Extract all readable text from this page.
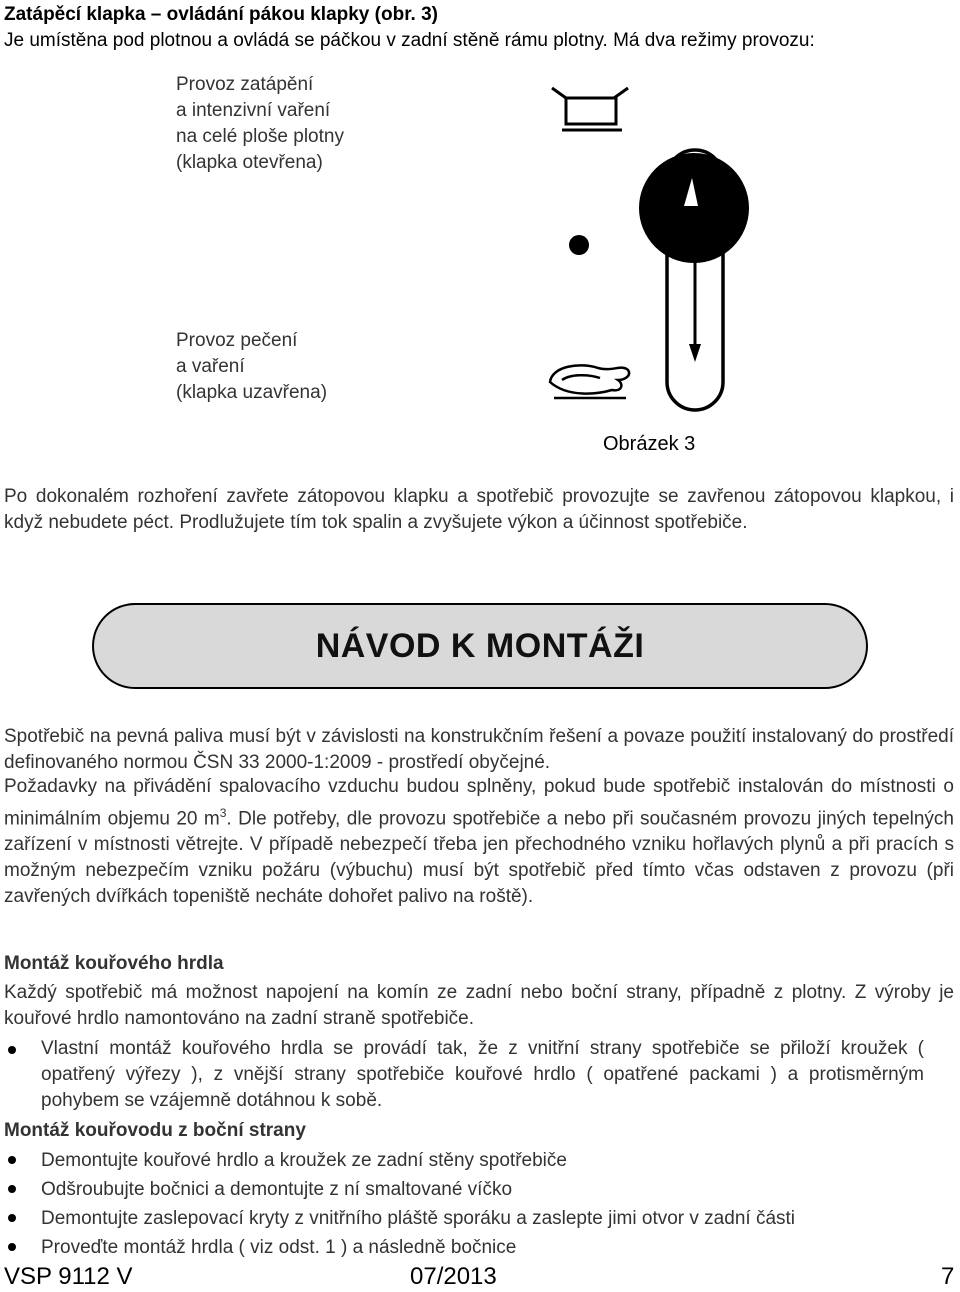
Zatápěcí klapka – ovládání pákou klapky (obr. 3)
Je umístěna pod plotnou a ovládá se páčkou v zadní stěně rámu plotny. Má dva režimy provozu:
Provoz zatápění
a intenzivní vaření
na celé ploše plotny
(klapka otevřena)
Provoz pečení
a vaření
(klapka uzavřena)
Obrázek 3
Po dokonalém rozhoření zavřete zátopovou klapku a spotřebič provozujte se zavřenou zátopovou klapkou, i když nebudete péct. Prodlužujete tím tok spalin a zvyšujete výkon a účinnost spotřebiče.
NÁVOD K MONTÁŽI
Spotřebič na pevná paliva musí být v závislosti na konstrukčním řešení a povaze použití instalovaný do prostředí definovaného normou ČSN 33 2000-1:2009 - prostředí obyčejné.
Požadavky na přivádění spalovacího vzduchu budou splněny, pokud bude spotřebič instalován do místnosti o minimálním objemu 20 $m^3$. Dle potřeby, dle provozu spotřebiče a nebo při současném provozu jiných tepelných zařízení v místnosti větrejte. V případě nebezpečí třeba jen přechodného vzniku hořlavých plynů a při pracích s možným nebezpečím vzniku požáru (výbuchu) musí být spotřebič před tímto včas odstaven z provozu (při zavřených dvířkách topeniště necháte dohořet palivo na roště).
Montáž kouřového hrdla
Každý spotřebič má možnost napojení na komín ze zadní nebo boční strany, případně z plotny. Z výroby je kouřové hrdlo namontováno na zadní straně spotřebiče.
Vlastní montáž kouřového hrdla se provádí tak, že z vnitřní strany spotřebiče se přiloží kroužek ( opatřený výřezy ), z vnější strany spotřebiče kouřové hrdlo ( opatřené packami ) a protisměrným pohybem se vzájemně dotáhnou k sobě.
Montáž kouřovodu z boční strany
Demontujte kouřové hrdlo a kroužek ze zadní stěny spotřebiče
Odšroubujte bočnici a demontujte z ní smaltované víčko
Demontujte zaslepovací kryty z vnitřního pláště sporáku a zaslepte jimi otvor v zadní části
Proveďte montáž hrdla ( viz odst. 1 ) a následně bočnice
VSP 9112 V	07/2013	7
